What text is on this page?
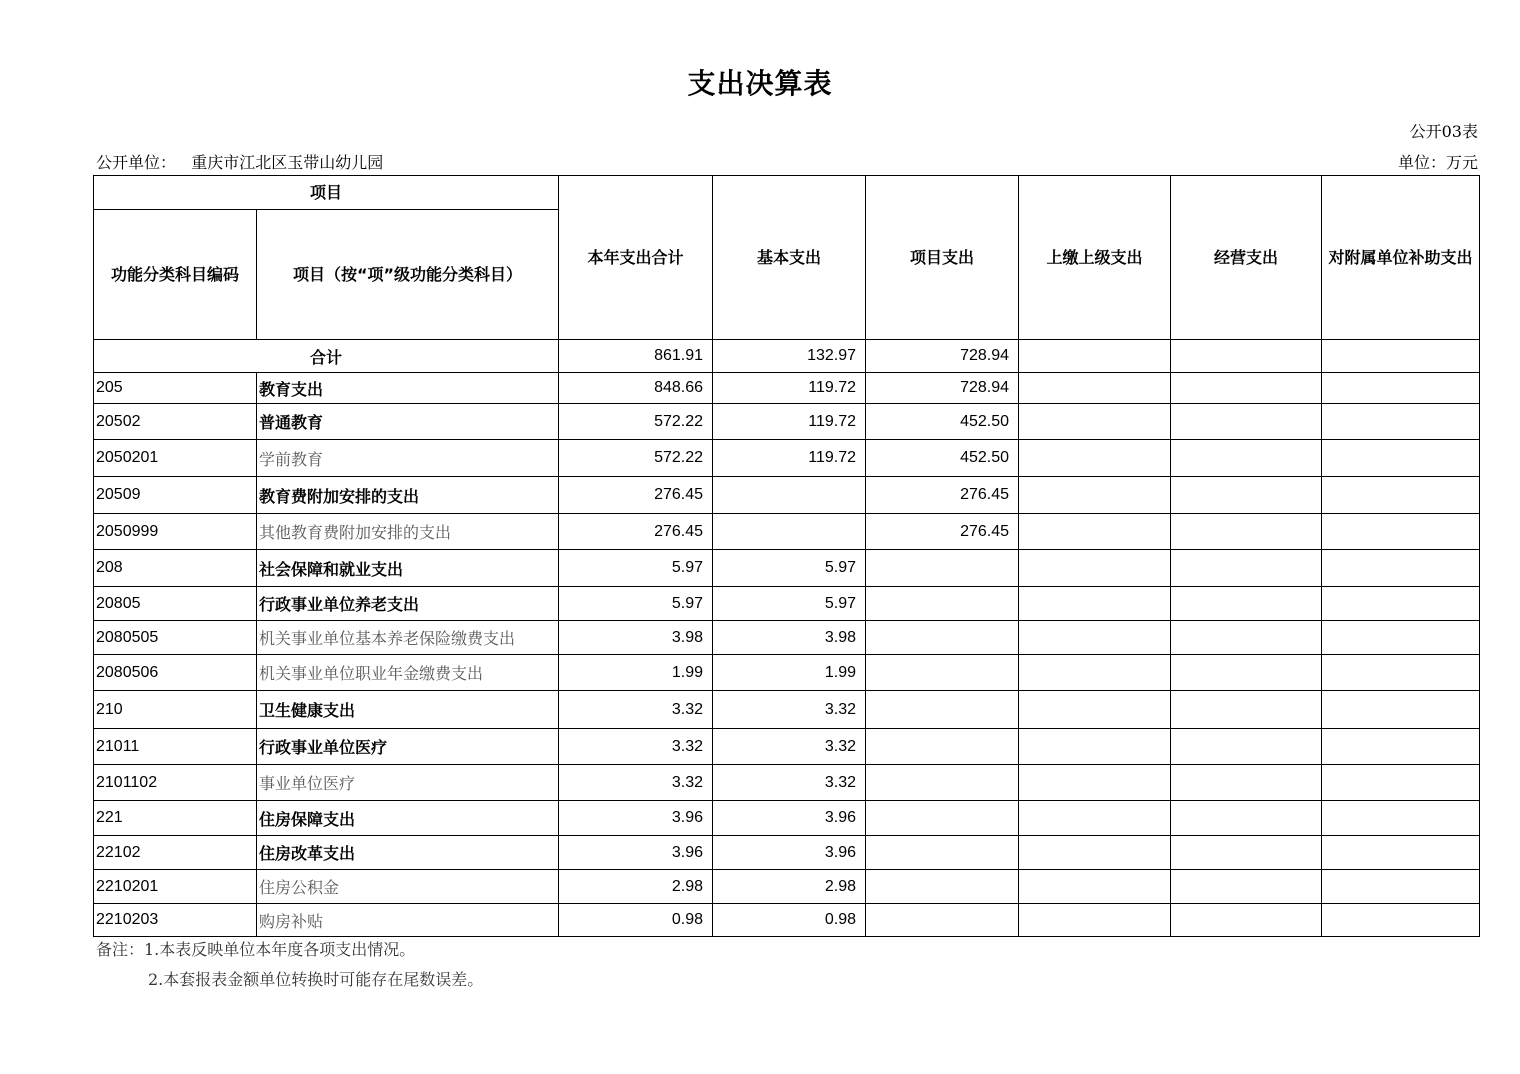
支出决算表
公开03表
公开单位： 重庆市江北区玉带山幼儿园	单位：万元
项目		本年支出合计	基本支出	项目支出	上缴上级支出	经营支出	对附属单位补助支出
功能分类科目编码	项目（按“项”级功能分类科目）						
合计		861.91	132.97	728.94			
205	教育支出	848.66	119.72	728.94			
20502	普通教育	572.22	119.72	452.50			
2050201	学前教育	572.22	119.72	452.50			
20509	教育费附加安排的支出	276.45		276.45			
2050999	其他教育费附加安排的支出	276.45		276.45			
208	社会保障和就业支出	5.97	5.97				
20805	行政事业单位养老支出	5.97	5.97				
2080505	机关事业单位基本养老保险缴费支出	3.98	3.98				
2080506	机关事业单位职业年金缴费支出	1.99	1.99				
210	卫生健康支出	3.32	3.32				
21011	行政事业单位医疗	3.32	3.32				
2101102	事业单位医疗	3.32	3.32				
221	住房保障支出	3.96	3.96				
22102	住房改革支出	3.96	3.96				
2210201	住房公积金	2.98	2.98				
2210203	购房补贴	0.98	0.98				
备注：1.本表反映单位本年度各项支出情况。
2.本套报表金额单位转换时可能存在尾数误差。
